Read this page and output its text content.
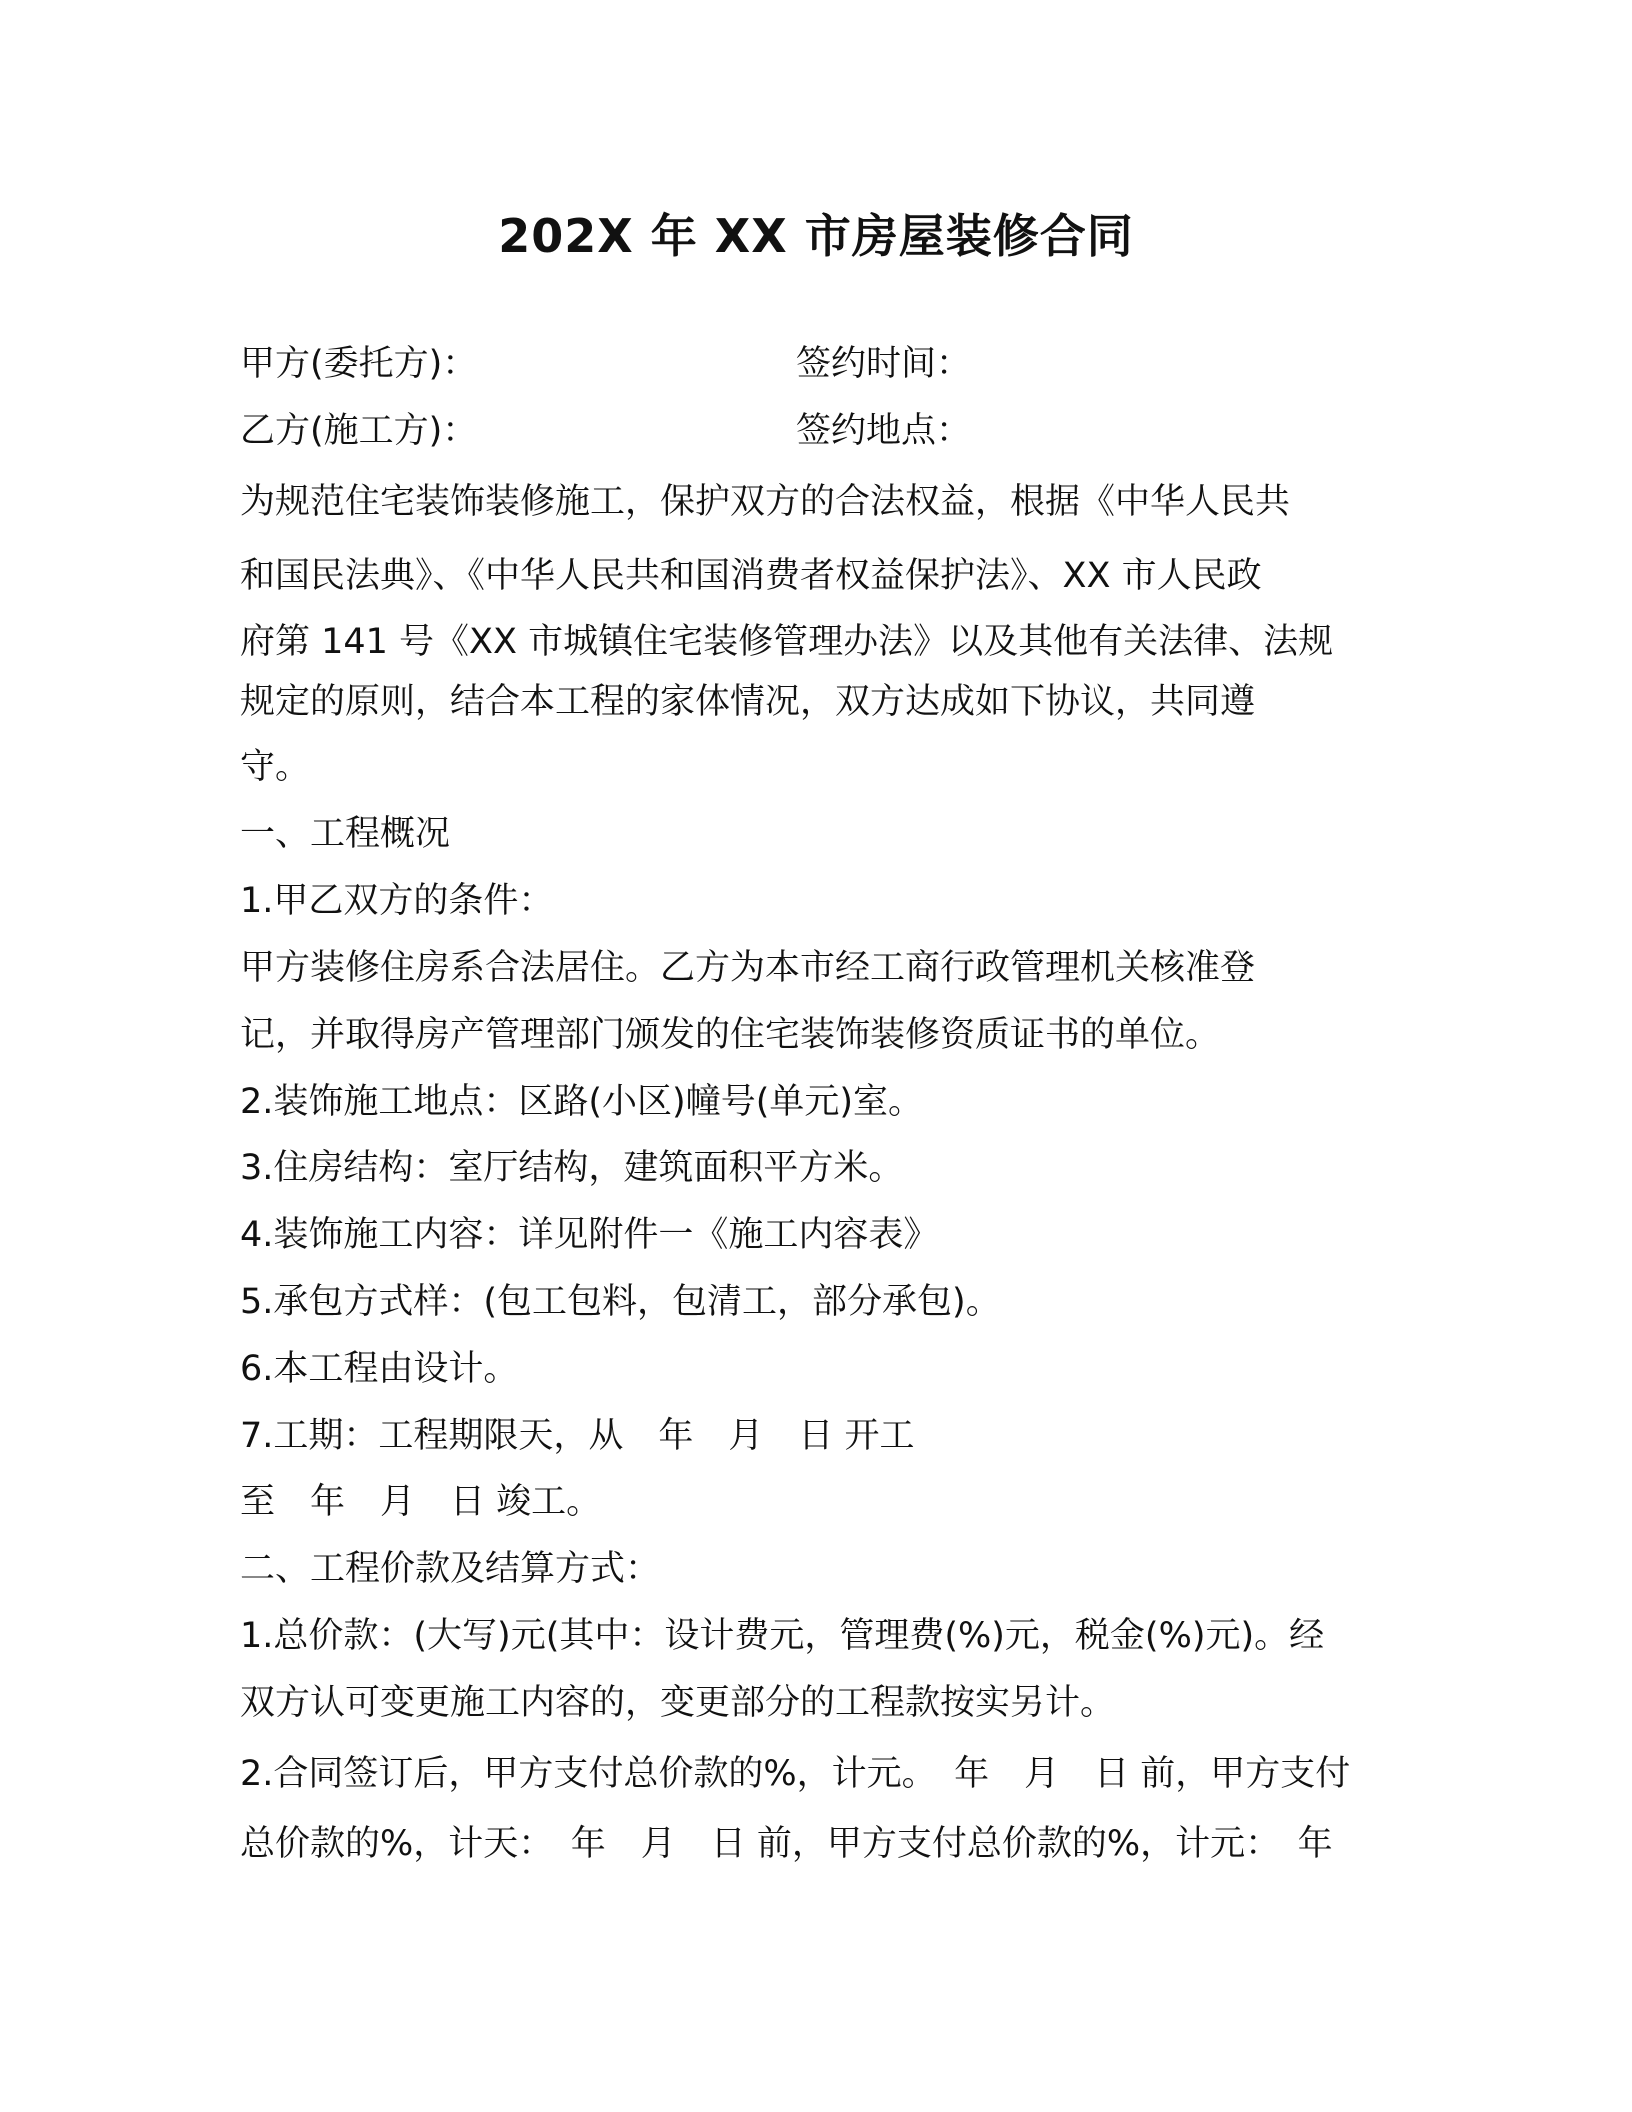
202X 年 XX 市房屋装修合同
甲方(委托方)：	签约时间：
乙方(施工方)：	签约地点：
为规范住宅装饰装修施工，保护双方的合法权益，根据《中华人民共
和国民法典》、《中华人民共和国消费者权益保护法》、XX 市人民政
府第 141 号《XX 市城镇住宅装修管理办法》以及其他有关法律、法规
规定的原则，结合本工程的家体情况，双方达成如下协议，共同遵
守。
一、工程概况
1.甲乙双方的条件：
甲方装修住房系合法居住。乙方为本市经工商行政管理机关核准登
记，并取得房产管理部门颁发的住宅装饰装修资质证书的单位。
2.装饰施工地点：区路(小区)幢号(单元)室。
3.住房结构：室厅结构，建筑面积平方米。
4.装饰施工内容：详见附件一《施工内容表》
5.承包方式样：(包工包料，包清工，部分承包)。
6.本工程由设计。
7.工期：工程期限天，从　年　月　日 开工
至　年　月　日 竣工。
二、工程价款及结算方式：
1.总价款：(大写)元(其中：设计费元，管理费(%)元，税金(%)元)。经
双方认可变更施工内容的，变更部分的工程款按实另计。
2.合同签订后，甲方支付总价款的%，计元。　年　月　日 前，甲方支付
总价款的%，计天：　年　月　日 前，甲方支付总价款的%，计元：　年
